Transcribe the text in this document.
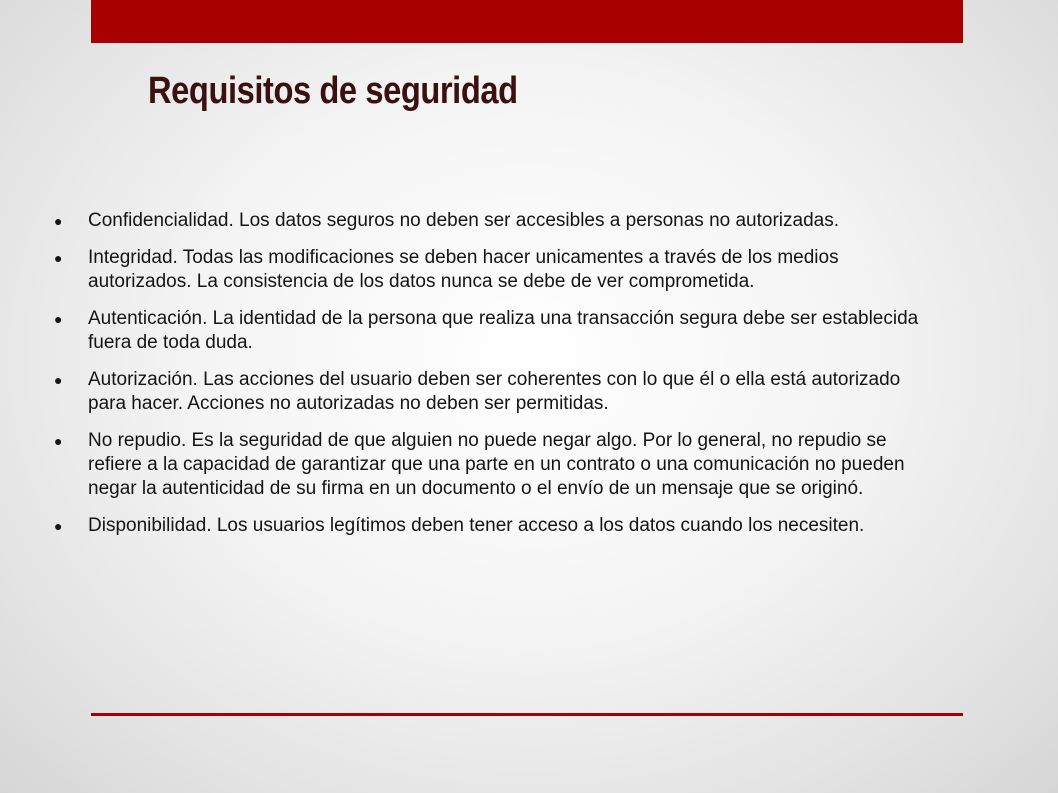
Requisitos de seguridad
● Confidencialidad. Los datos seguros no deben ser accesibles a personas no autorizadas.
● Integridad. Todas las modificaciones se deben hacer unicamentes a través de los medios autorizados. La consistencia de los datos nunca se debe de ver comprometida.
● Autenticación. La identidad de la persona que realiza una transacción segura debe ser establecida fuera de toda duda.
● Autorización. Las acciones del usuario deben ser coherentes con lo que él o ella está autorizado para hacer. Acciones no autorizadas no deben ser permitidas.
● No repudio. Es la seguridad de que alguien no puede negar algo. Por lo general, no repudio se refiere a la capacidad de garantizar que una parte en un contrato o una comunicación no pueden negar la autenticidad de su firma en un documento o el envío de un mensaje que se originó.
● Disponibilidad. Los usuarios legítimos deben tener acceso a los datos cuando los necesiten.
